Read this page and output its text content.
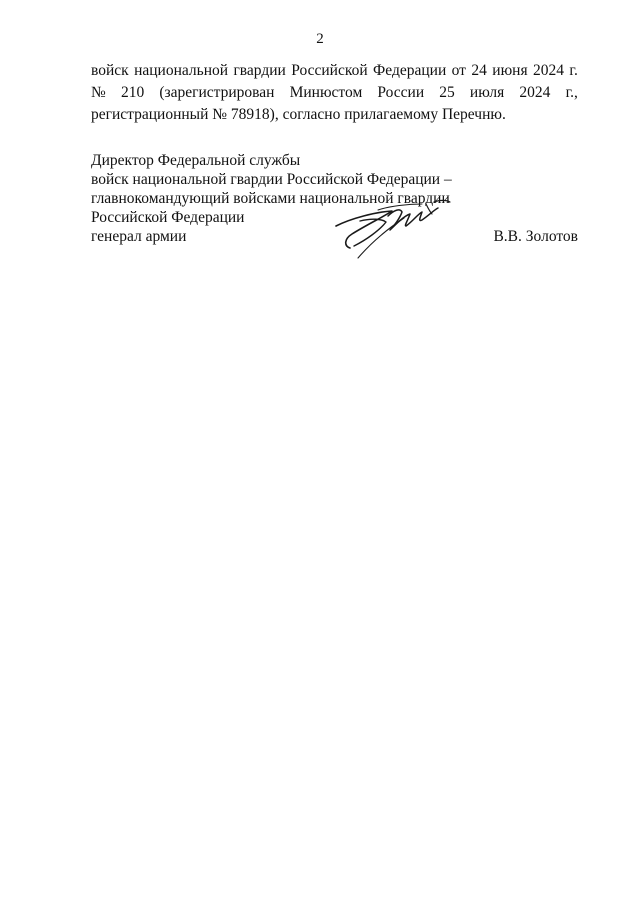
2
войск национальной гвардии Российской Федерации от 24 июня 2024 г.
№ 210 (зарегистрирован Минюстом России 25 июля 2024 г.,
регистрационный № 78918), согласно прилагаемому Перечню.
Директор Федеральной службы
войск национальной гвардии Российской Федерации –
главнокомандующий войсками национальной гвардии
Российской Федерации
генерал армии	В.В. Золотов
